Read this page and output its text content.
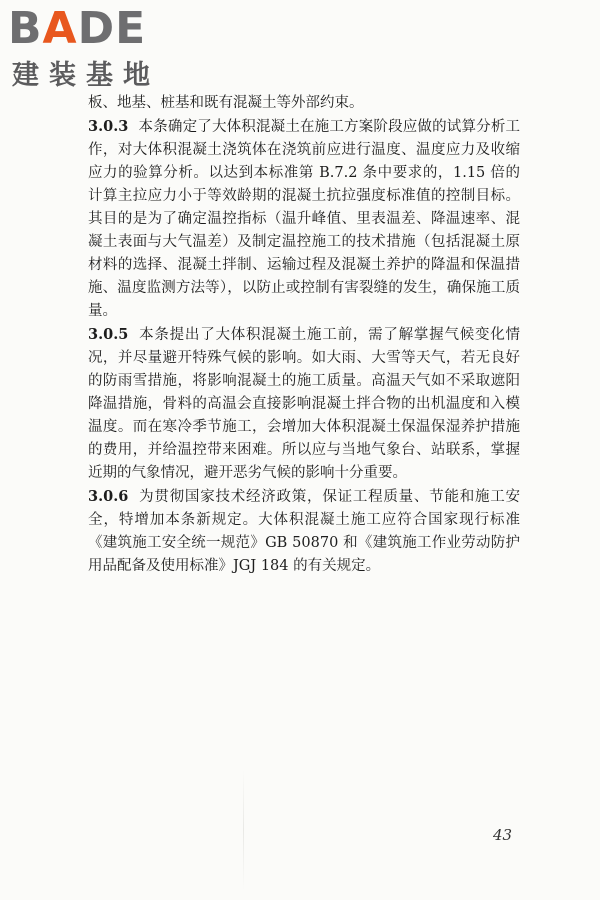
BADE
建装基地

板、地基、桩基和既有混凝土等外部约束。

3.0.3 本条确定了大体积混凝土在施工方案阶段应做的试算分析工作，对大体积混凝土浇筑体在浇筑前应进行温度、温度应力及收缩应力的验算分析。以达到本标准第 B.7.2 条中要求的，1.15 倍的计算主拉应力小于等效龄期的混凝土抗拉强度标准值的控制目标。其目的是为了确定温控指标（温升峰值、里表温差、降温速率、混凝土表面与大气温差）及制定温控施工的技术措施（包括混凝土原材料的选择、混凝土拌制、运输过程及混凝土养护的降温和保温措施、温度监测方法等），以防止或控制有害裂缝的发生，确保施工质量。

3.0.5 本条提出了大体积混凝土施工前，需了解掌握气候变化情况，并尽量避开特殊气候的影响。如大雨、大雪等天气，若无良好的防雨雪措施，将影响混凝土的施工质量。高温天气如不采取遮阳降温措施，骨料的高温会直接影响混凝土拌合物的出机温度和入模温度。而在寒冷季节施工，会增加大体积混凝土保温保湿养护措施的费用，并给温控带来困难。所以应与当地气象台、站联系，掌握近期的气象情况，避开恶劣气候的影响十分重要。

3.0.6 为贯彻国家技术经济政策，保证工程质量、节能和施工安全，特增加本条新规定。大体积混凝土施工应符合国家现行标准《建筑施工安全统一规范》GB 50870 和《建筑施工作业劳动防护用品配备及使用标准》JGJ 184 的有关规定。

43
